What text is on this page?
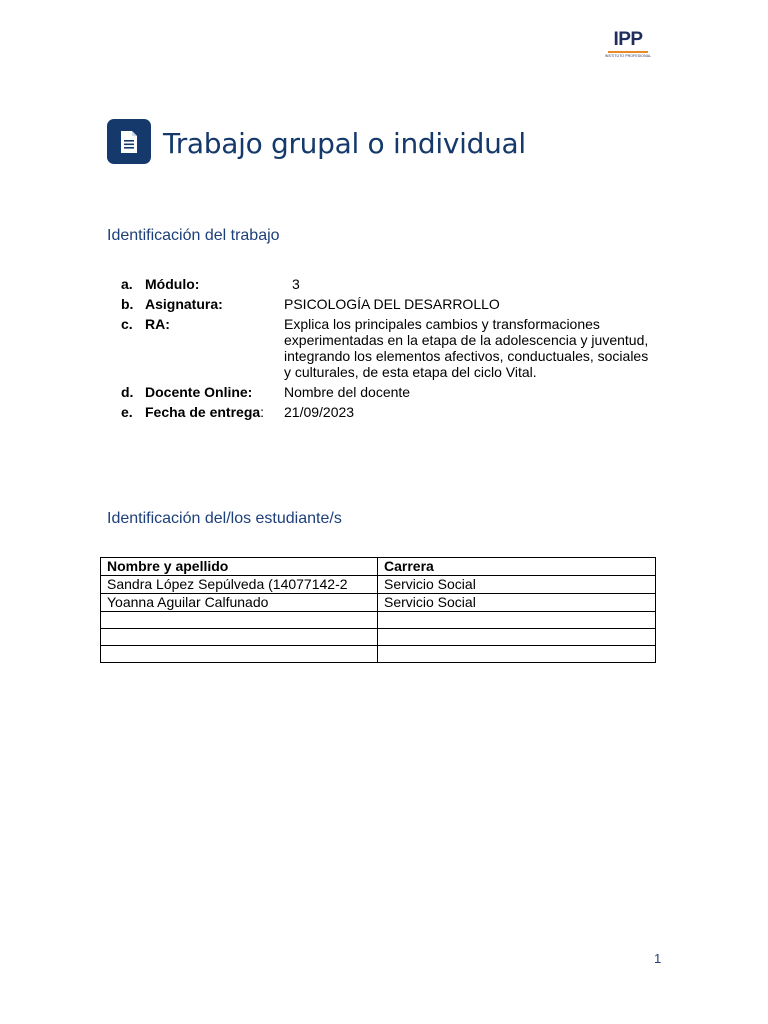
IPP
INSTITUTO PROFESIONAL
Trabajo grupal o individual
Identificación del trabajo
a. Módulo:	3
b. Asignatura:	PSICOLOGÍA DEL DESARROLLO
c. RA:	Explica los principales cambios y transformaciones experimentadas en la etapa de la adolescencia y juventud, integrando los elementos afectivos, conductuales, sociales y culturales, de esta etapa del ciclo Vital.
d. Docente Online:	Nombre del docente
e. Fecha de entrega:	21/09/2023
Identificación del/los estudiante/s
Nombre y apellido	Carrera
Sandra López Sepúlveda (14077142-2	Servicio Social
Yoanna Aguilar Calfunado	Servicio Social

1
